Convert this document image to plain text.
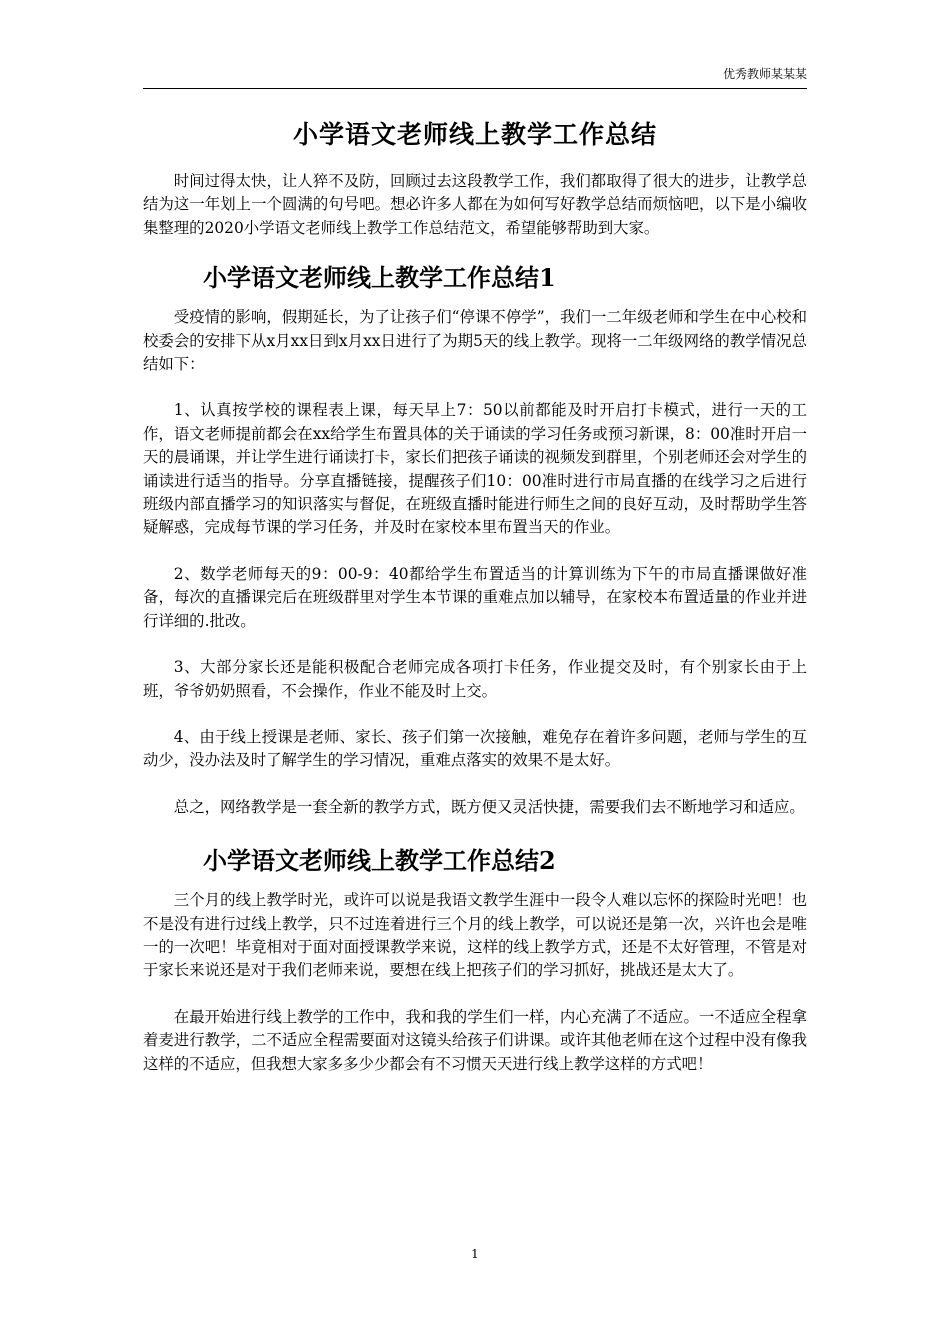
优秀教师某某某
小学语文老师线上教学工作总结

时间过得太快，让人猝不及防，回顾过去这段教学工作，我们都取得了很大的进步，让教学总结为这一年划上一个圆满的句号吧。想必许多人都在为如何写好教学总结而烦恼吧，以下是小编收集整理的2020小学语文老师线上教学工作总结范文，希望能够帮助到大家。

小学语文老师线上教学工作总结1

受疫情的影响，假期延长，为了让孩子们“停课不停学”，我们一二年级老师和学生在中心校和校委会的安排下从x月xx日到x月xx日进行了为期5天的线上教学。现将一二年级网络的教学情况总结如下：

1、认真按学校的课程表上课，每天早上7：50以前都能及时开启打卡模式，进行一天的工作，语文老师提前都会在xx给学生布置具体的关于诵读的学习任务或预习新课，8：00准时开启一天的晨诵课，并让学生进行诵读打卡，家长们把孩子诵读的视频发到群里，个别老师还会对学生的诵读进行适当的指导。分享直播链接，提醒孩子们10：00准时进行市局直播的在线学习之后进行班级内部直播学习的知识落实与督促，在班级直播时能进行师生之间的良好互动，及时帮助学生答疑解惑，完成每节课的学习任务，并及时在家校本里布置当天的作业。

2、数学老师每天的9：00-9：40都给学生布置适当的计算训练为下午的市局直播课做好准备，每次的直播课完后在班级群里对学生本节课的重难点加以辅导，在家校本布置适量的作业并进行详细的.批改。

3、大部分家长还是能积极配合老师完成各项打卡任务，作业提交及时，有个别家长由于上班，爷爷奶奶照看，不会操作，作业不能及时上交。

4、由于线上授课是老师、家长、孩子们第一次接触，难免存在着许多问题，老师与学生的互动少，没办法及时了解学生的学习情况，重难点落实的效果不是太好。

总之，网络教学是一套全新的教学方式，既方便又灵活快捷，需要我们去不断地学习和适应。

小学语文老师线上教学工作总结2

三个月的线上教学时光，或许可以说是我语文教学生涯中一段令人难以忘怀的探险时光吧！也不是没有进行过线上教学，只不过连着进行三个月的线上教学，可以说还是第一次，兴许也会是唯一的一次吧！毕竟相对于面对面授课教学来说，这样的线上教学方式，还是不太好管理，不管是对于家长来说还是对于我们老师来说，要想在线上把孩子们的学习抓好，挑战还是太大了。

在最开始进行线上教学的工作中，我和我的学生们一样，内心充满了不适应。一不适应全程拿着麦进行教学，二不适应全程需要面对这镜头给孩子们讲课。或许其他老师在这个过程中没有像我这样的不适应，但我想大家多多少少都会有不习惯天天进行线上教学这样的方式吧！

1
